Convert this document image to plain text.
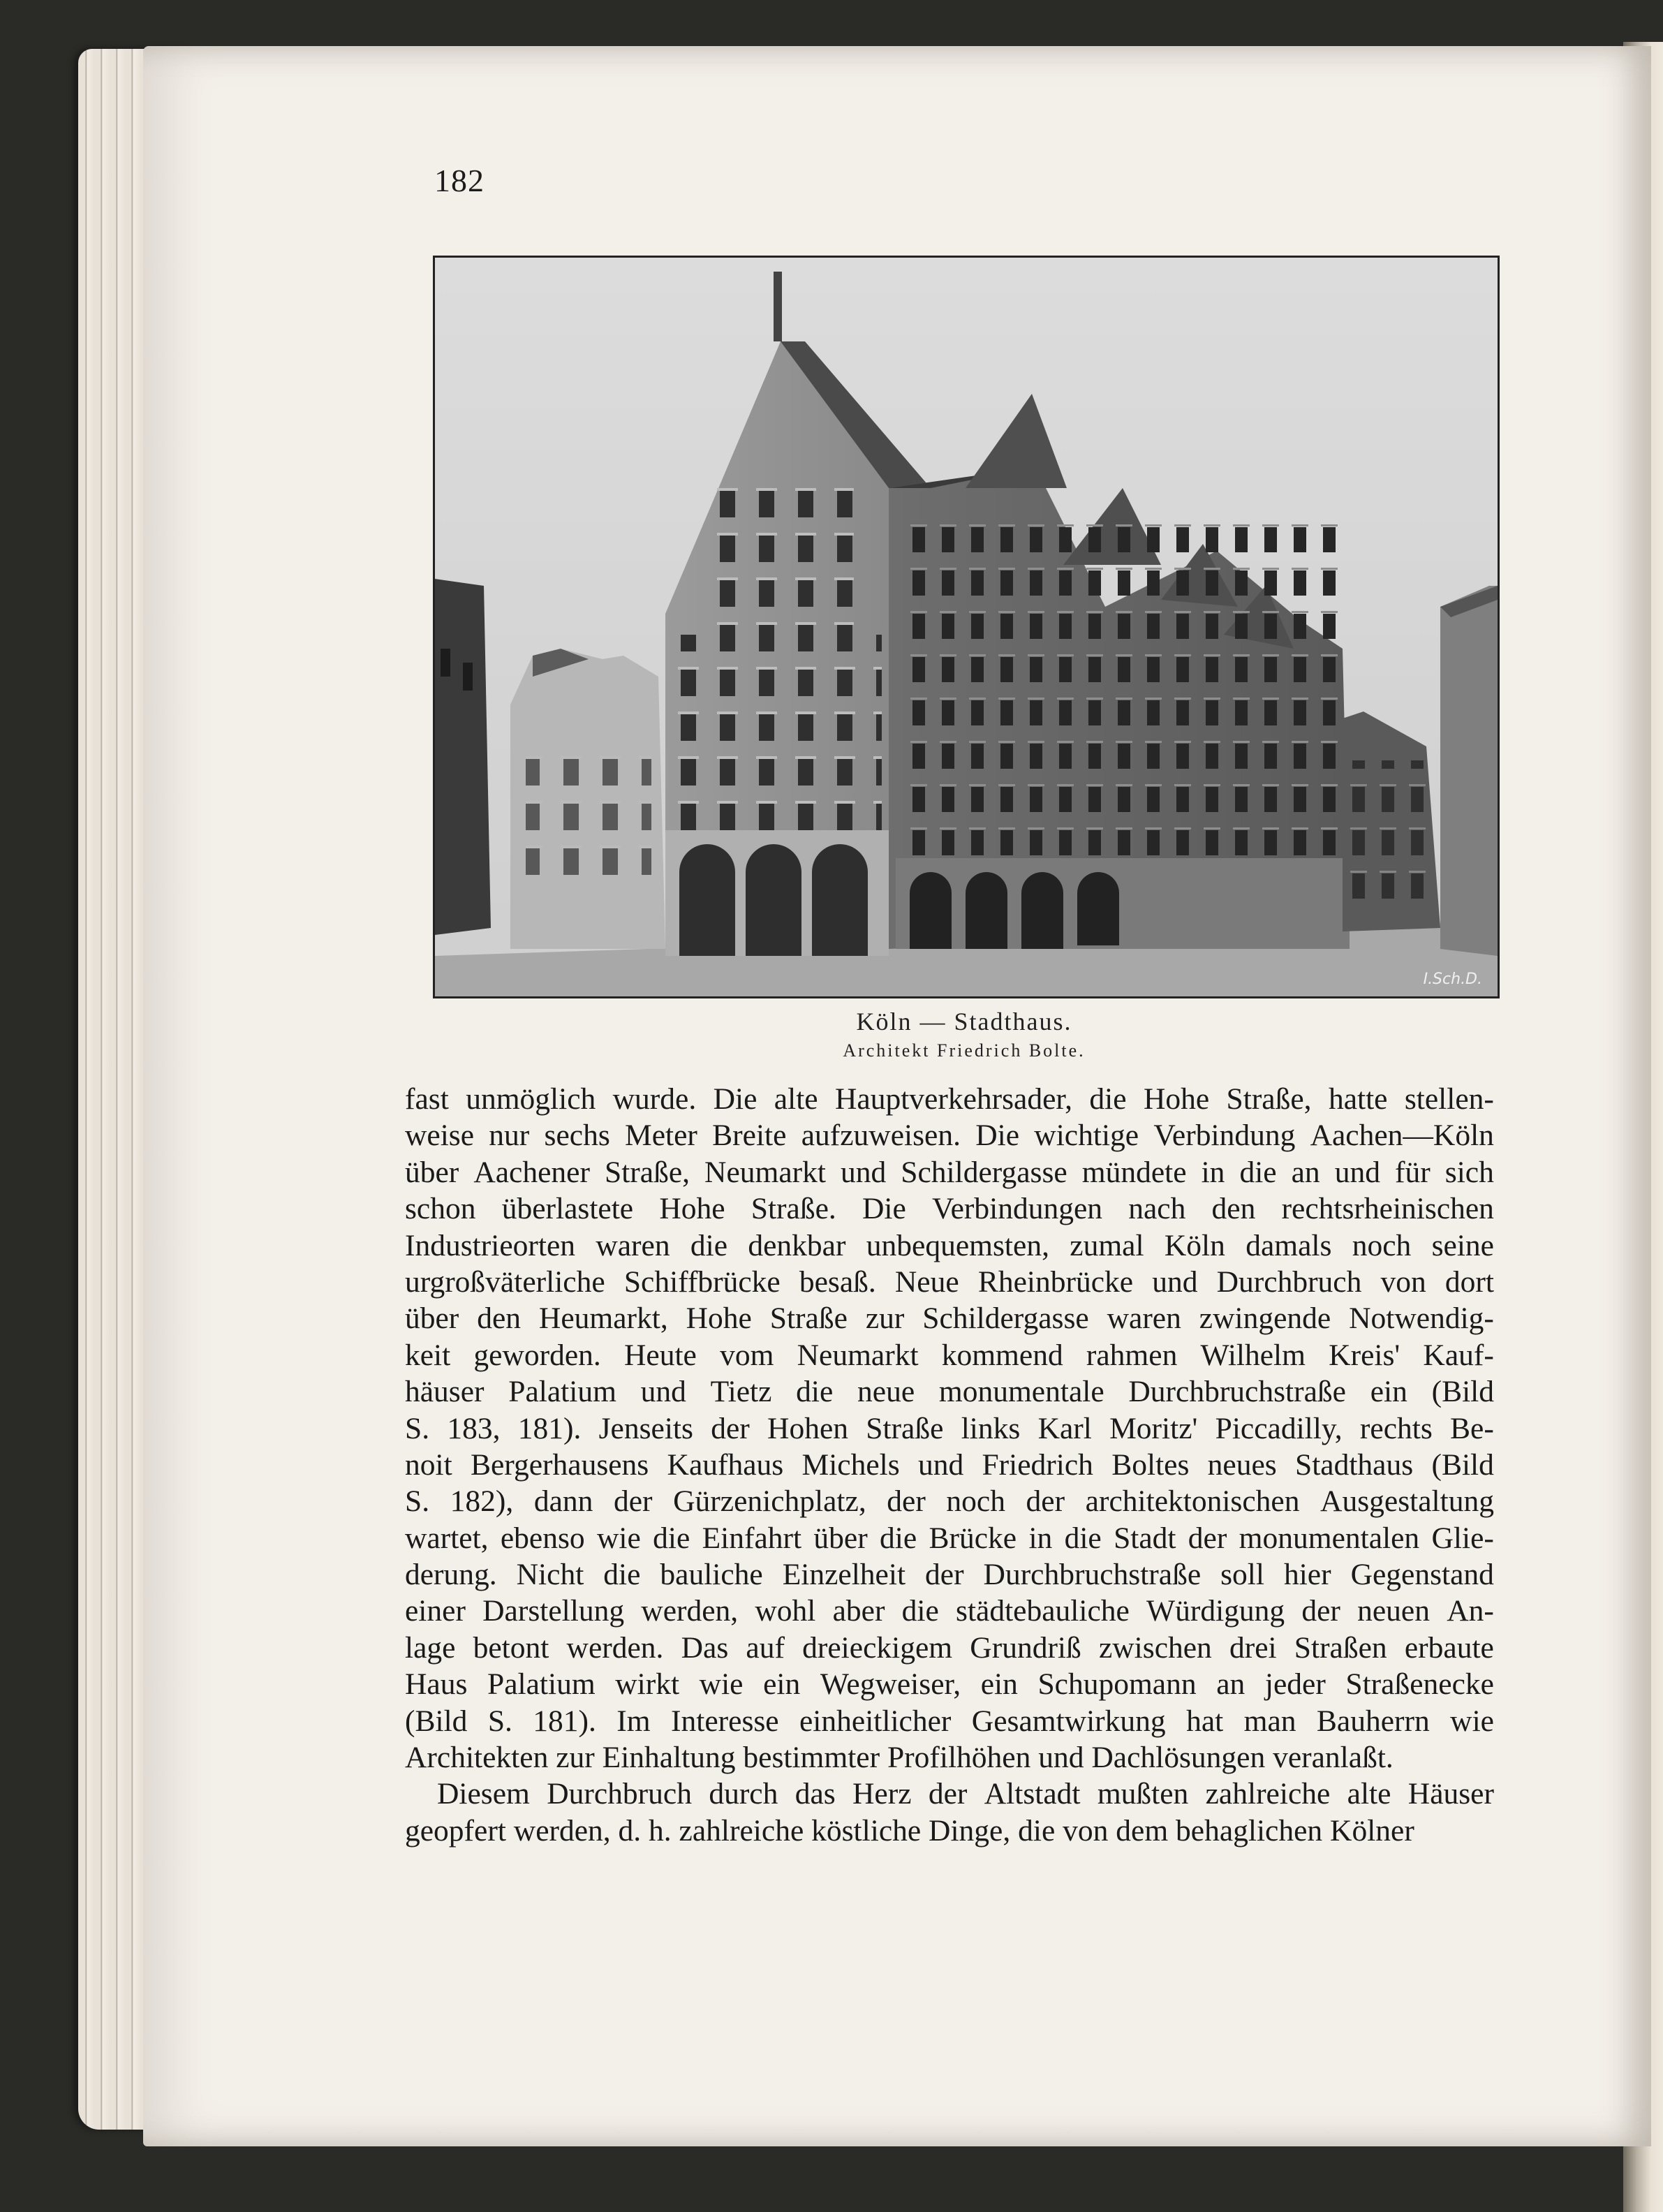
182
I.Sch.D.
Köln — Stadthaus.
Architekt Friedrich Bolte.
fast unmöglich wurde. Die alte Hauptverkehrsader, die Hohe Straße, hatte stellen-
weise nur sechs Meter Breite aufzuweisen. Die wichtige Verbindung Aachen—Köln
über Aachener Straße, Neumarkt und Schildergasse mündete in die an und für sich
schon überlastete Hohe Straße. Die Verbindungen nach den rechtsrheinischen
Industrieorten waren die denkbar unbequemsten, zumal Köln damals noch seine
urgroßväterliche Schiffbrücke besaß. Neue Rheinbrücke und Durchbruch von dort
über den Heumarkt, Hohe Straße zur Schildergasse waren zwingende Notwendig-
keit geworden. Heute vom Neumarkt kommend rahmen Wilhelm Kreis' Kauf-
häuser Palatium und Tietz die neue monumentale Durchbruchstraße ein (Bild
S. 183, 181). Jenseits der Hohen Straße links Karl Moritz' Piccadilly, rechts Be-
noit Bergerhausens Kaufhaus Michels und Friedrich Boltes neues Stadthaus (Bild
S. 182), dann der Gürzenichplatz, der noch der architektonischen Ausgestaltung
wartet, ebenso wie die Einfahrt über die Brücke in die Stadt der monumentalen Glie-
derung. Nicht die bauliche Einzelheit der Durchbruchstraße soll hier Gegenstand
einer Darstellung werden, wohl aber die städtebauliche Würdigung der neuen An-
lage betont werden. Das auf dreieckigem Grundriß zwischen drei Straßen erbaute
Haus Palatium wirkt wie ein Wegweiser, ein Schupomann an jeder Straßenecke
(Bild S. 181). Im Interesse einheitlicher Gesamtwirkung hat man Bauherrn wie
Architekten zur Einhaltung bestimmter Profilhöhen und Dachlösungen veranlaßt.
Diesem Durchbruch durch das Herz der Altstadt mußten zahlreiche alte Häuser
geopfert werden, d. h. zahlreiche köstliche Dinge, die von dem behaglichen Kölner
